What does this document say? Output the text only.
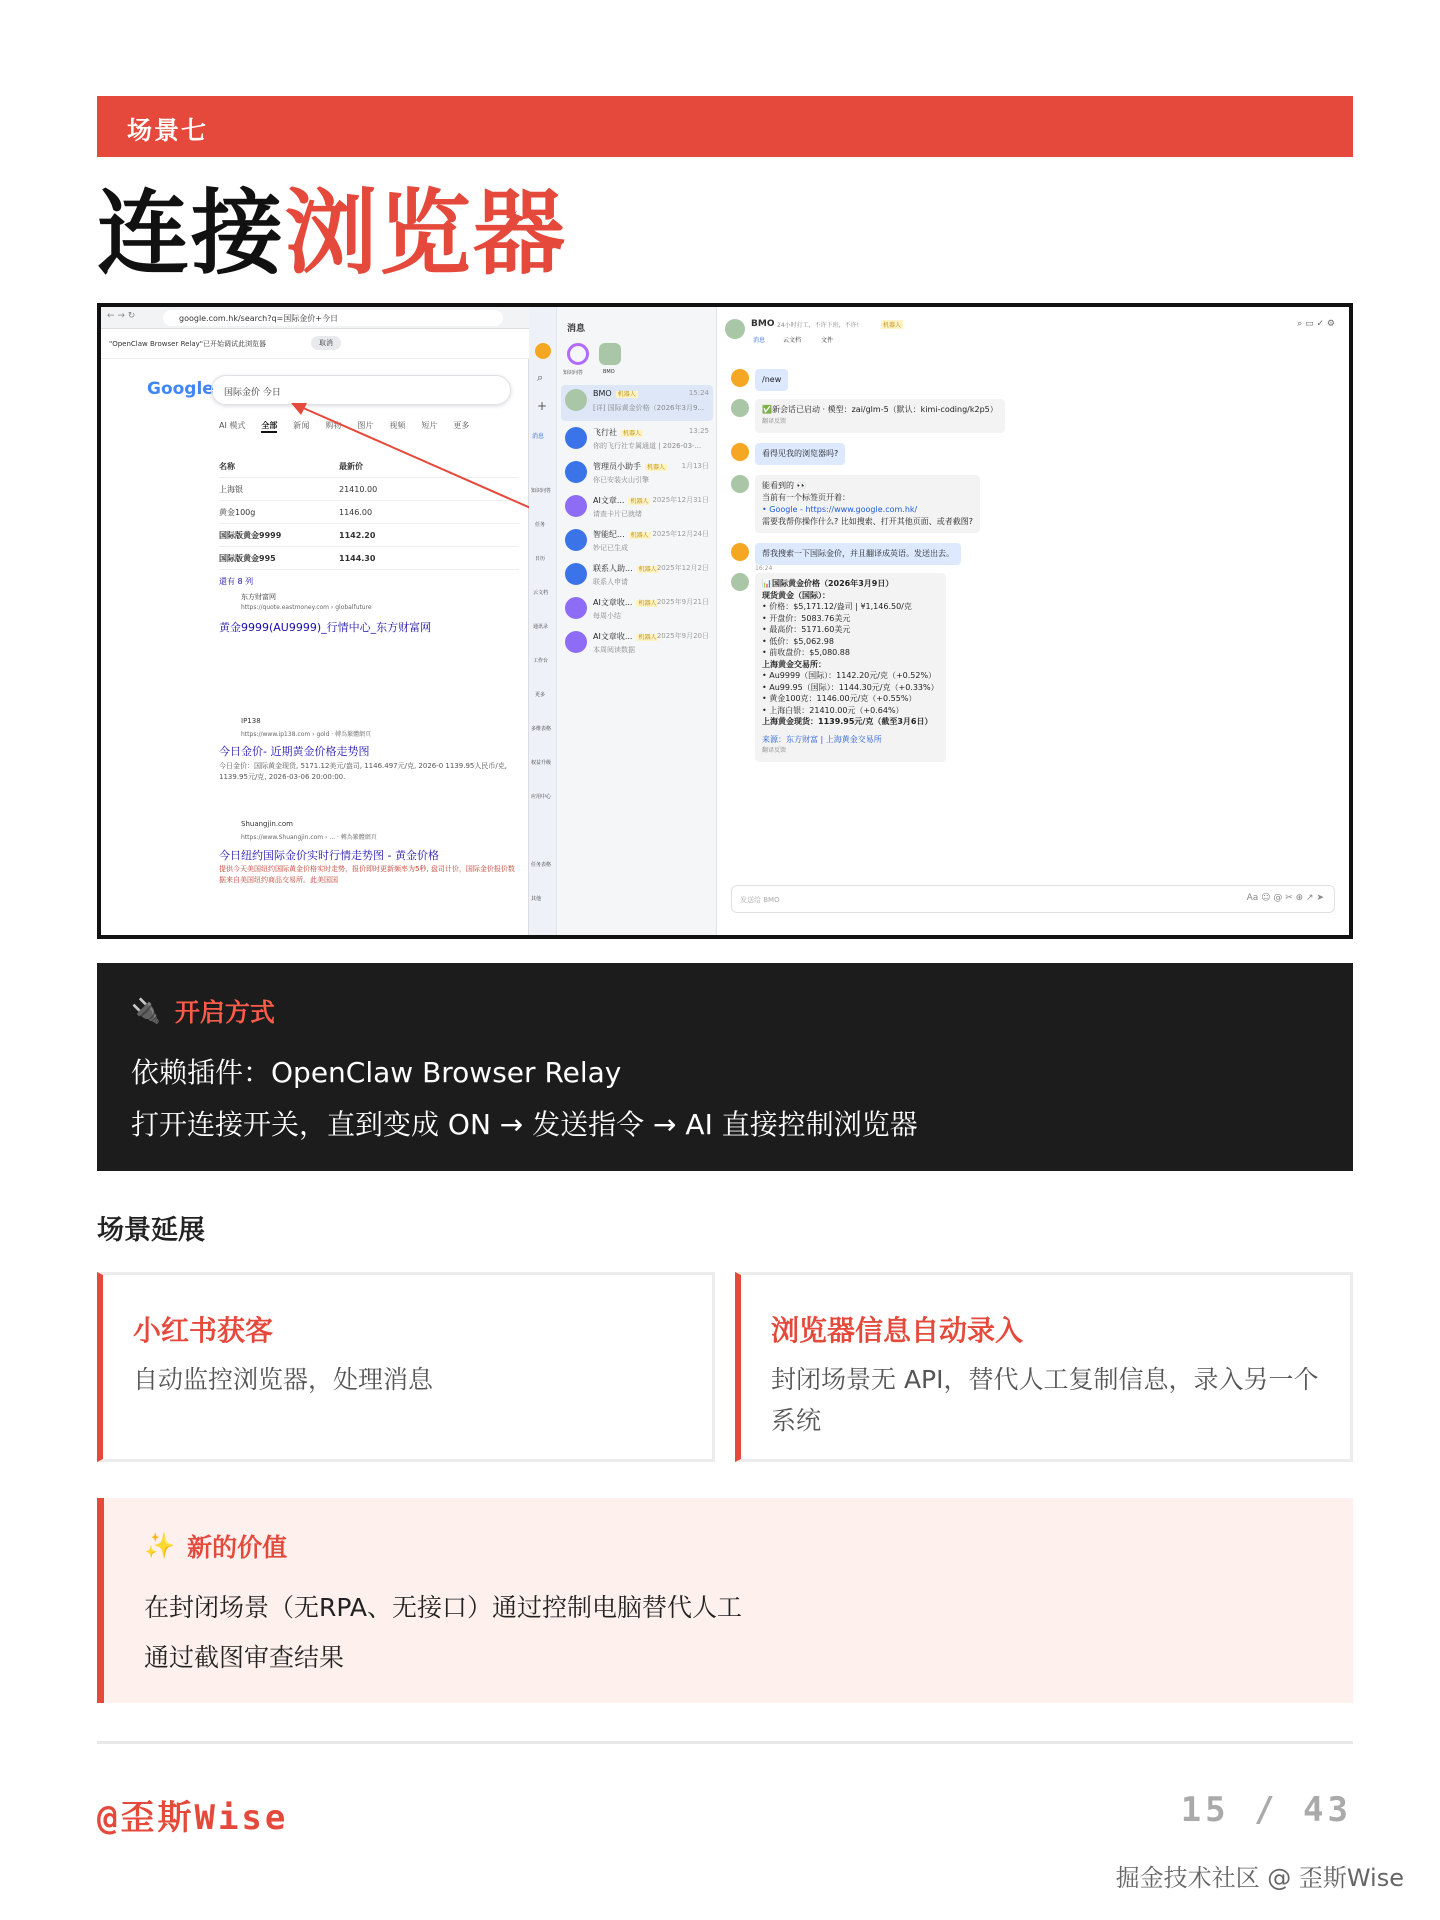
场景七
连接浏览器
← → ↻	google.com.hk/search?q=国际金价+今日
"OpenClaw Browser Relay"已开始调试此浏览器	取消
Google 国际金价 今日
AI 模式 全部 新闻 购物 图片 视频 短片 更多
名称	最新价
上海银	21410.00
黄金100g	1146.00
国际版黄金9999	1142.20
国际版黄金995	1144.30
還有 8 列
东方财富网
https://quote.eastmoney.com › globalfuture
黄金9999(AU9999)_行情中心_东方财富网
IP138
https://www.ip138.com › gold · 轉為繁體網頁
今日金价- 近期黄金价格走势图
今日金价：国际黄金现货, 5171.12美元/盎司, 1146.497元/克, 2026-0 1139.95人民币/克, 1139.95元/克, 2026-03-06 20:00:00.
Shuangjin.com
https://www.Shuangjin.com › ... · 轉為繁體網頁
今日纽约国际金价实时行情走势图 - 黄金价格
提供今天美国纽约国际黄金价格实时走势，报价即时更新频率为5秒, 盘司计价，国际金价报价数据来自美国纽约商品交易所。此美国国
⌕
+
消息
知识问答
任务
日历
云文档
通讯录
工作台
更多
多维表格
权益升级
应用中心
任务表格
其他
消息
知识问答	BMO
BMO 机器人	15:24
[详] 国际黄金价格（2026年3月9...
飞行社 机器人	13:25
你的飞行社专属通道 | 2026-03-...
管理员小助手 机器人 1月13日
你已安装火山引擎
AI文章... 机器人 2025年12月31日
请查卡片已就绪
智能纪... 机器人 2025年12月24日
妙记已生成
联系人助... 机器人 2025年12月2日
联系人申请
AI文章收... 机器人 2025年9月21日
每周小结
AI文章收... 机器人 2025年9月20日
本周阅读数据
BMO 24小时打工，不许下班，不许!	机器人
消息	云文档	文件
⌕ ▭ ✓ ⚙
/new
✅新会话已启动 · 模型：zai/glm-5（默认：kimi-coding/k2p5）
翻译反馈
看得见我的浏览器吗?
能看到的 👀
当前有一个标签页开着：
• Google - https://www.google.com.hk/
需要我帮你操作什么? 比如搜索、打开其他页面、或者截图?
帮我搜索一下国际金价，并且翻译成英语。发送出去。
16:24
📊国际黄金价格（2026年3月9日）
现货黄金（国际）：
• 价格：$5,171.12/盎司 | ¥1,146.50/克
• 开盘价：5083.76美元
• 最高价：5171.60美元
• 低价：$5,062.98
• 前收盘价：$5,080.88
上海黄金交易所：
• Au9999（国际）：1142.20元/克（+0.52%）
• Au99.95（国际）：1144.30元/克（+0.33%）
• 黄金100克：1146.00元/克（+0.55%）
• 上海白银：21410.00元（+0.64%）
上海黄金现货：1139.95元/克（截至3月6日）
来源：东方财富 | 上海黄金交易所
翻译反馈
发送给 BMO	Aa ☺ @ ✂ ⊕ ↗ ➤
🔌 开启方式
依赖插件：OpenClaw Browser Relay
打开连接开关，直到变成 ON → 发送指令 → AI 直接控制浏览器
场景延展
小红书获客
自动监控浏览器，处理消息
浏览器信息自动录入
封闭场景无 API，替代人工复制信息，录入另一个系统
✨ 新的价值
在封闭场景（无RPA、无接口）通过控制电脑替代人工
通过截图审查结果
@歪斯Wise	15 / 43
掘金技术社区 @ 歪斯Wise
